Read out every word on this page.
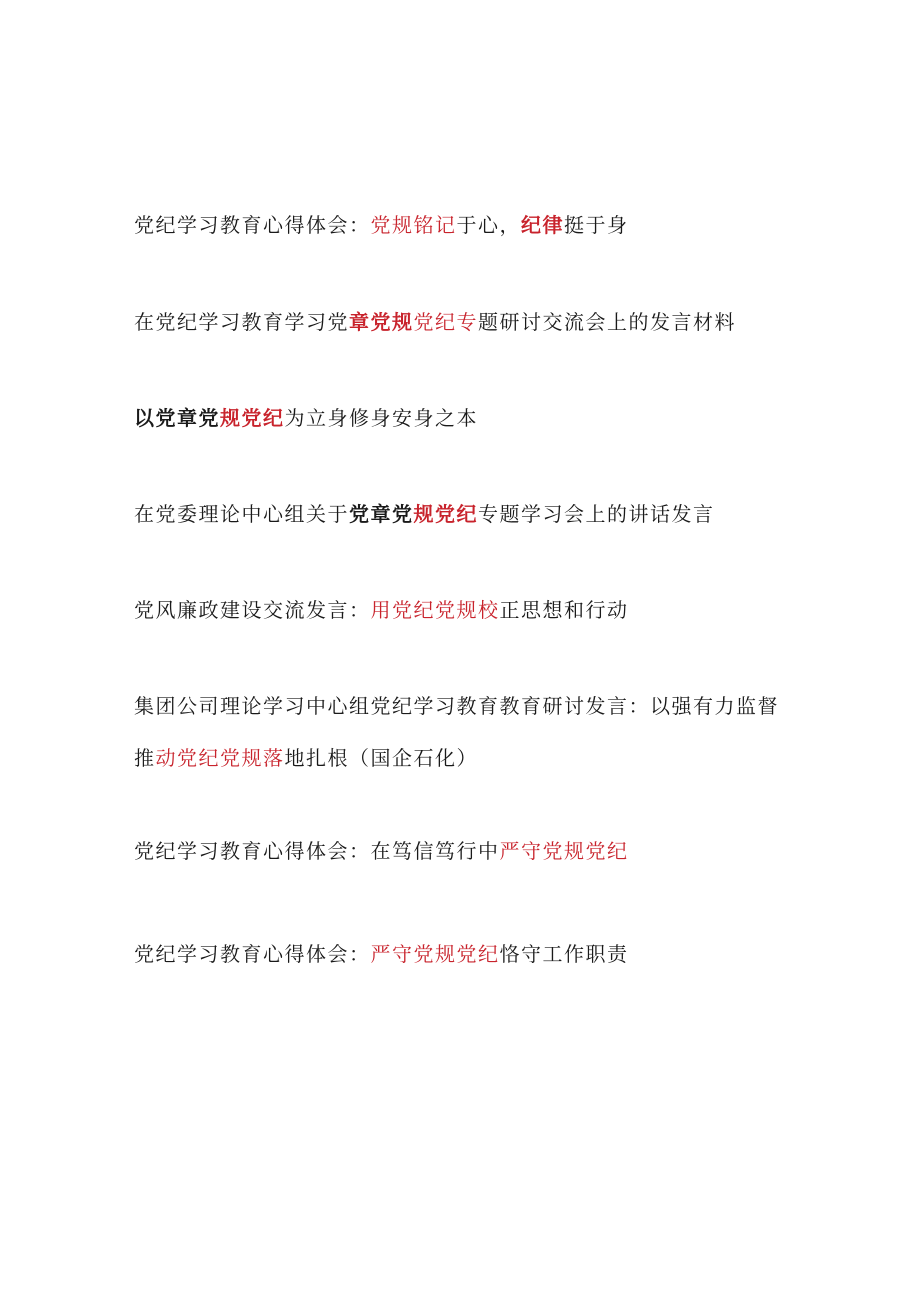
党纪学习教育心得体会：党规铭记于心，纪律挺于身
在党纪学习教育学习党章党规党纪专题研讨交流会上的发言材料
以党章党规党纪为立身修身安身之本
在党委理论中心组关于党章党规党纪专题学习会上的讲话发言
党风廉政建设交流发言：用党纪党规校正思想和行动
集团公司理论学习中心组党纪学习教育教育研讨发言：以强有力监督
推动党纪党规落地扎根（国企石化）
党纪学习教育心得体会：在笃信笃行中严守党规党纪
党纪学习教育心得体会：严守党规党纪恪守工作职责
